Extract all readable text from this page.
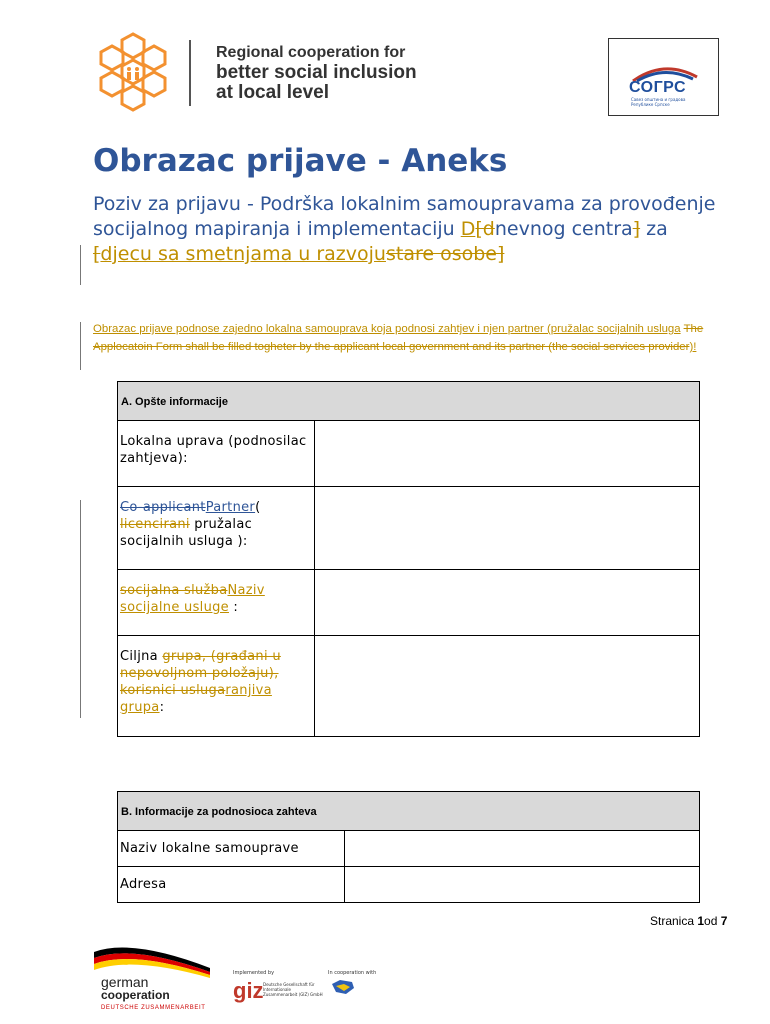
Regional cooperation for
better social inclusion
at local level	СОГРС
Савез општина и градова Републике Српске
Obrazac prijave - Aneks
Poziv za prijavu - Podrška lokalnim samoupravama za provođenje socijalnog mapiranja i implementaciju D[dnevnog centra] za [djecu sa smetnjama u razvojustare osobe]
Obrazac prijave podnose zajedno lokalna samouprava koja podnosi zahtjev i njen partner (pružalac socijalnih usluga The Applocatoin Form shall be filled togheter by the applicant local government and its partner (the social services provider)!
A. Opšte informacije	
Lokalna uprava (podnosilac zahtjeva):	
Co-applicantPartner( licencirani pružalac socijalnih usluga ):	
socijalna službaNaziv socijalne usluge :	
Ciljna grupa, (građani u nepovoljnom položaju), korisnici uslugaranjiva grupa:	
B. Informacije za podnosioca zahteva	
Naziv lokalne samouprave	
Adresa	
Stranica 1od 7
german
cooperation
DEUTSCHE ZUSAMMENARBEIT
Implemented by
giz Deutsche Gesellschaft für Internationale Zusammenarbeit (GIZ) GmbH
In cooperation with
